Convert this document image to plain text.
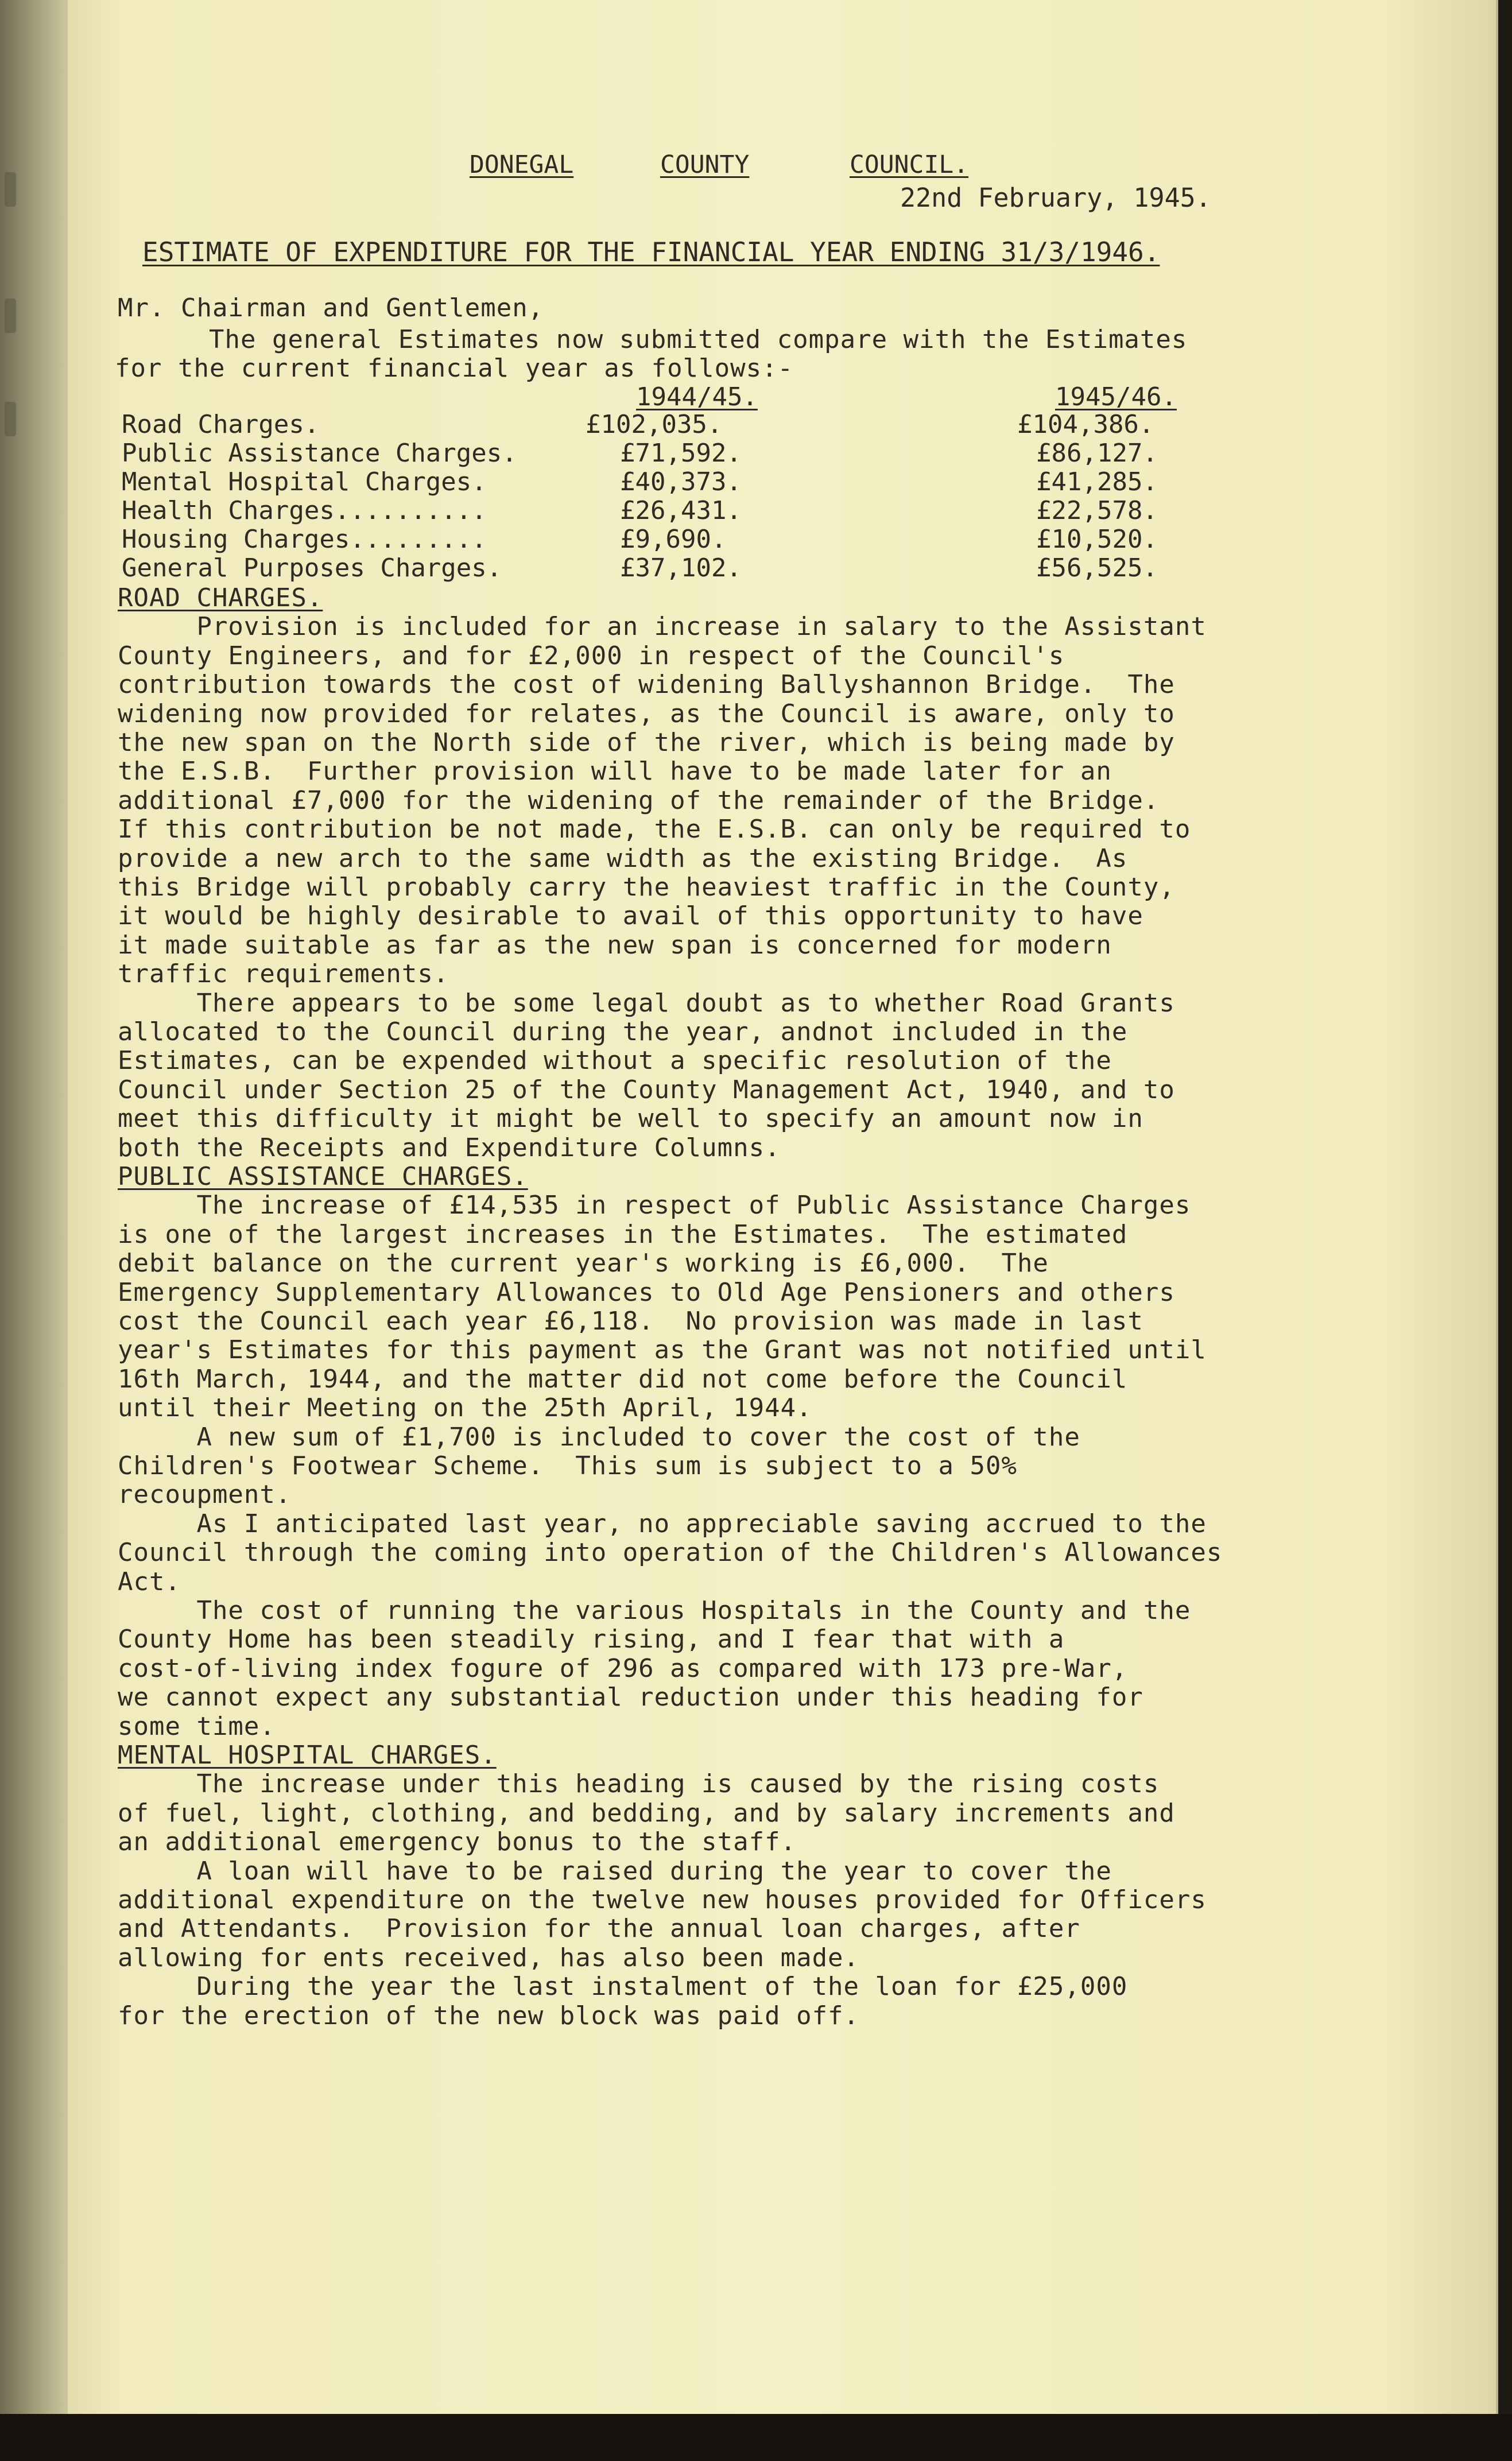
DONEGAL	COUNTY	COUNCIL.
22nd February, 1945.
ESTIMATE OF EXPENDITURE FOR THE FINANCIAL YEAR ENDING 31/3/1946.
Mr. Chairman and Gentlemen,
The general Estimates now submitted compare with the Estimates
for the current financial year as follows:-
1944/45.	1945/46.
Road Charges.	£102,035.	£104,386.
Public Assistance Charges.	£71,592.	£86,127.
Mental Hospital Charges.	£40,373.	£41,285.
Health Charges..........	£26,431.	£22,578.
Housing Charges.........	£9,690.	£10,520.
General Purposes Charges.	£37,102.	£56,525.
ROAD CHARGES.
Provision is included for an increase in salary to the Assistant
County Engineers, and for £2,000 in respect of the Council's
contribution towards the cost of widening Ballyshannon Bridge.  The
widening now provided for relates, as the Council is aware, only to
the new span on the North side of the river, which is being made by
the E.S.B.  Further provision will have to be made later for an
additional £7,000 for the widening of the remainder of the Bridge.
If this contribution be not made, the E.S.B. can only be required to
provide a new arch to the same width as the existing Bridge.  As
this Bridge will probably carry the heaviest traffic in the County,
it would be highly desirable to avail of this opportunity to have
it made suitable as far as the new span is concerned for modern
traffic requirements.
There appears to be some legal doubt as to whether Road Grants
allocated to the Council during the year, andnot included in the
Estimates, can be expended without a specific resolution of the
Council under Section 25 of the County Management Act, 1940, and to
meet this difficulty it might be well to specify an amount now in
both the Receipts and Expenditure Columns.
PUBLIC ASSISTANCE CHARGES.
The increase of £14,535 in respect of Public Assistance Charges
is one of the largest increases in the Estimates.  The estimated
debit balance on the current year's working is £6,000.  The
Emergency Supplementary Allowances to Old Age Pensioners and others
cost the Council each year £6,118.  No provision was made in last
year's Estimates for this payment as the Grant was not notified until
16th March, 1944, and the matter did not come before the Council
until their Meeting on the 25th April, 1944.
A new sum of £1,700 is included to cover the cost of the
Children's Footwear Scheme.  This sum is subject to a 50%
recoupment.
As I anticipated last year, no appreciable saving accrued to the
Council through the coming into operation of the Children's Allowances
Act.
The cost of running the various Hospitals in the County and the
County Home has been steadily rising, and I fear that with a
cost-of-living index fogure of 296 as compared with 173 pre-War,
we cannot expect any substantial reduction under this heading for
some time.
MENTAL HOSPITAL CHARGES.
The increase under this heading is caused by the rising costs
of fuel, light, clothing, and bedding, and by salary increments and
an additional emergency bonus to the staff.
A loan will have to be raised during the year to cover the
additional expenditure on the twelve new houses provided for Officers
and Attendants.  Provision for the annual loan charges, after
allowing for ents received, has also been made.
During the year the last instalment of the loan for £25,000
for the erection of the new block was paid off.
